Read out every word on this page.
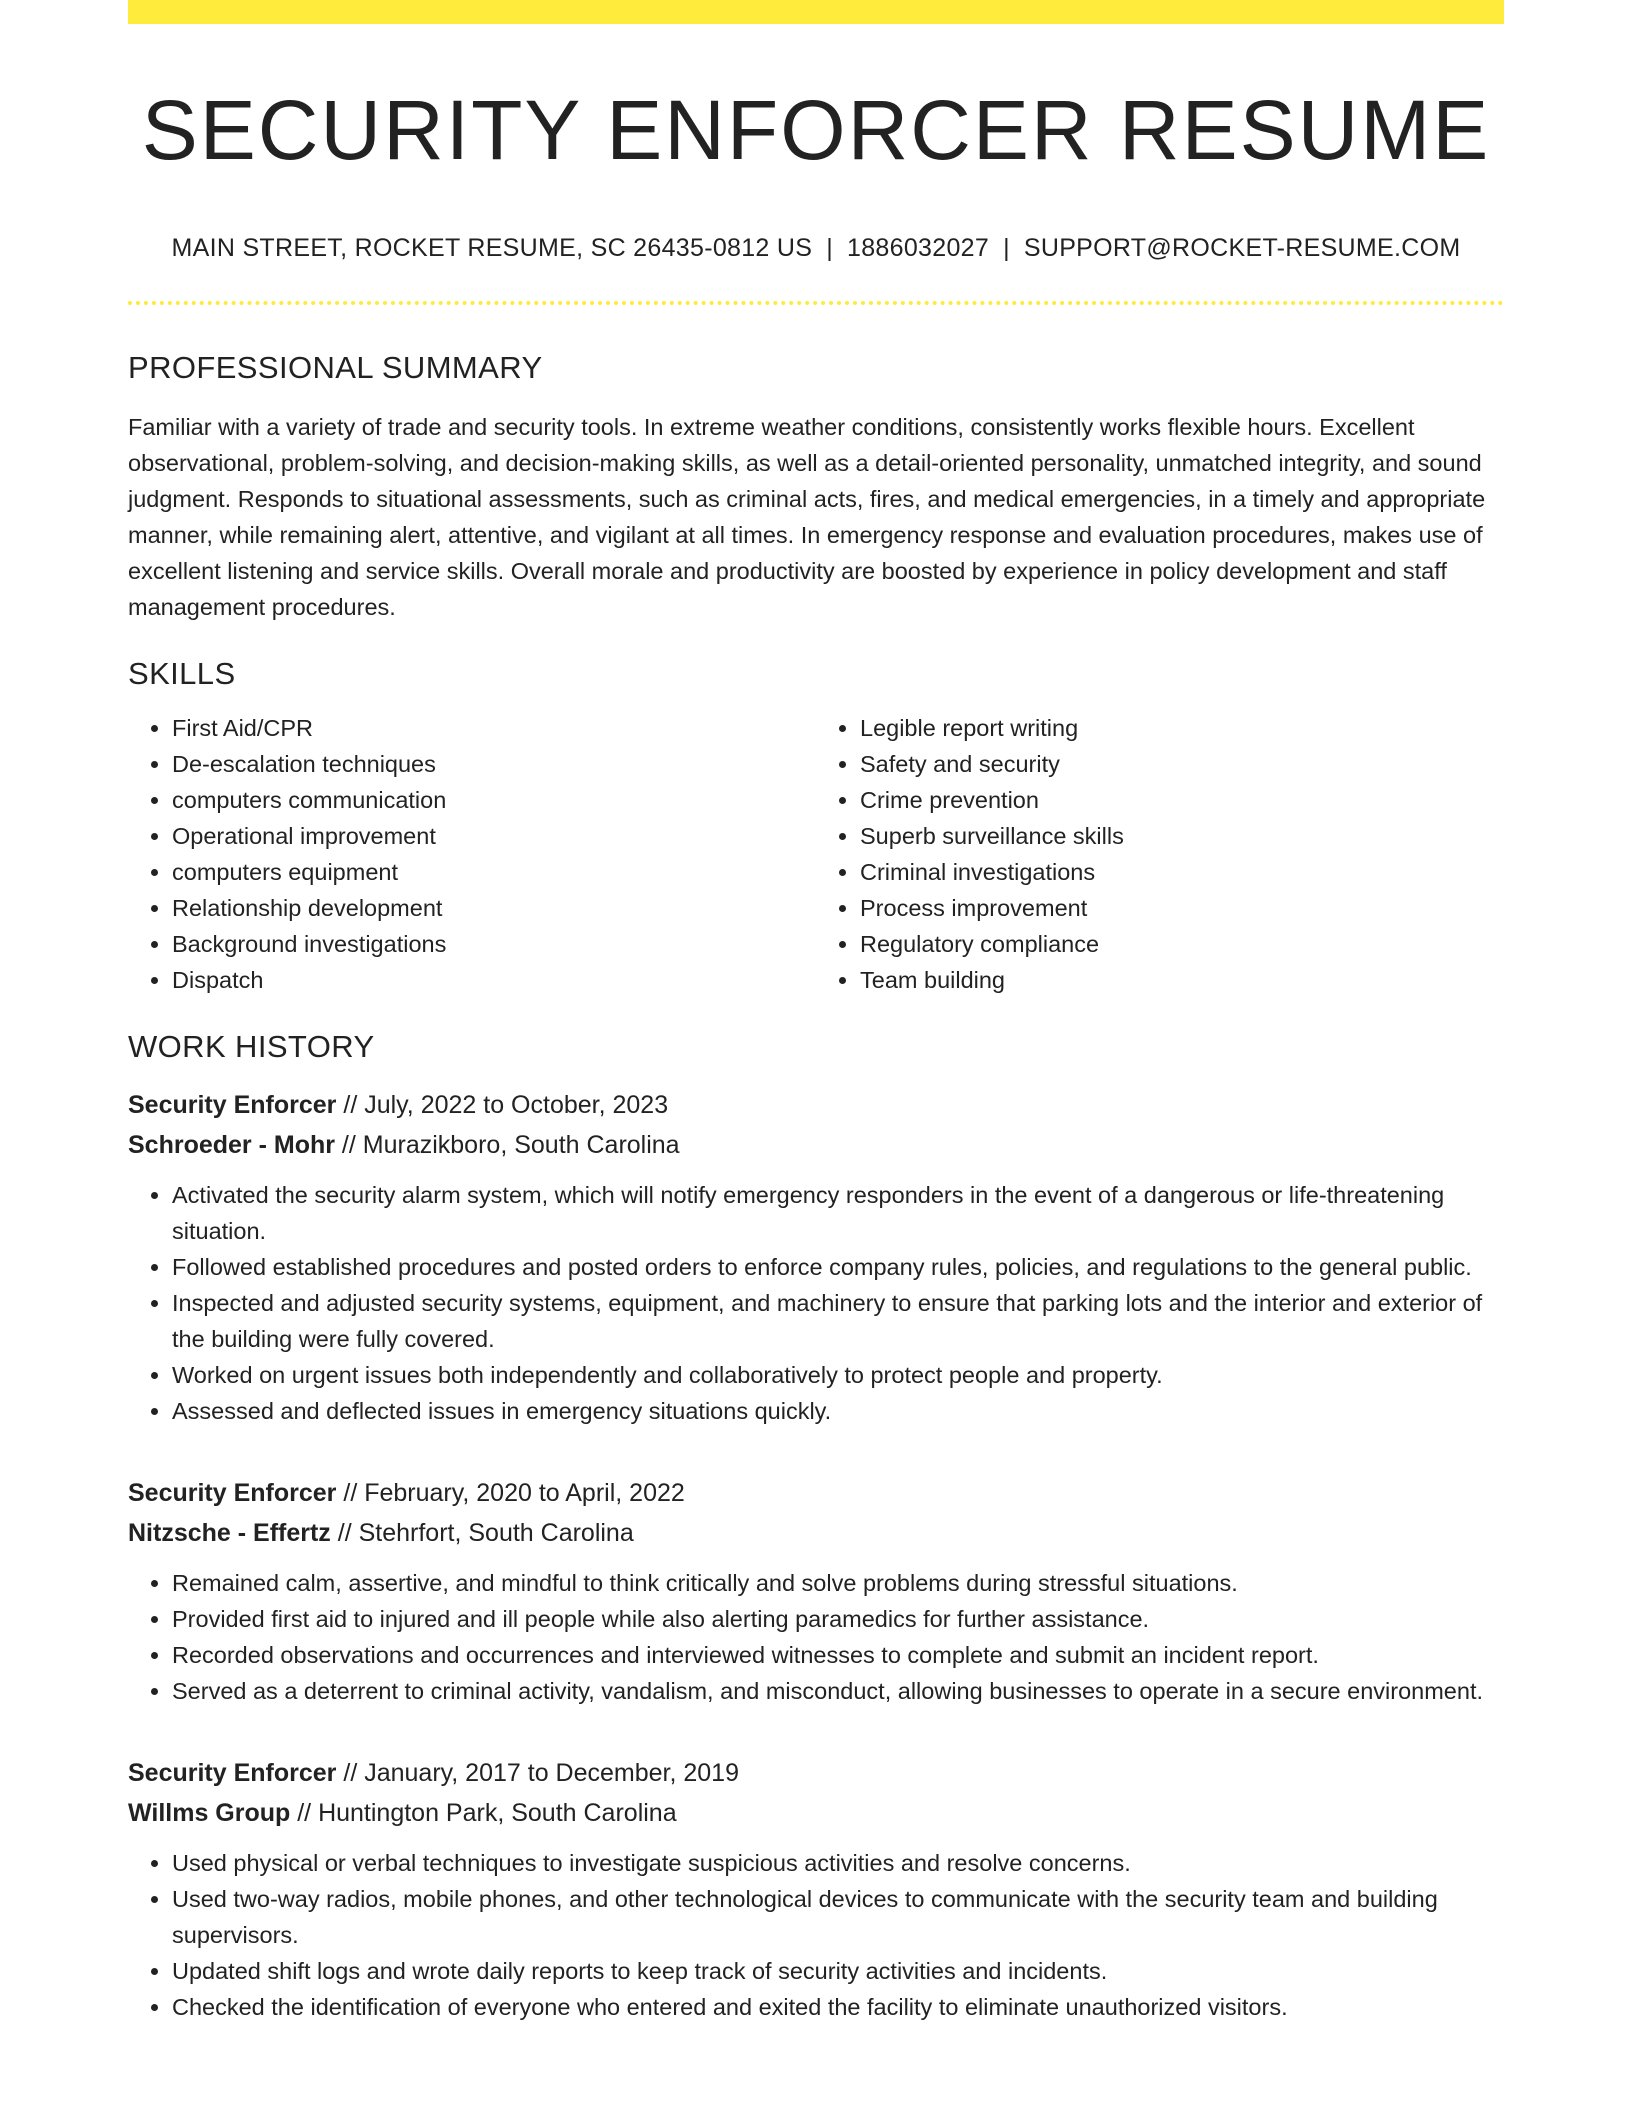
SECURITY ENFORCER RESUME
MAIN STREET, ROCKET RESUME, SC 26435-0812 US | 1886032027 | SUPPORT@ROCKET-RESUME.COM
PROFESSIONAL SUMMARY

Familiar with a variety of trade and security tools. In extreme weather conditions, consistently works flexible hours. Excellent observational, problem-solving, and decision-making skills, as well as a detail-oriented personality, unmatched integrity, and sound judgment. Responds to situational assessments, such as criminal acts, fires, and medical emergencies, in a timely and appropriate manner, while remaining alert, attentive, and vigilant at all times. In emergency response and evaluation procedures, makes use of excellent listening and service skills. Overall morale and productivity are boosted by experience in policy development and staff management procedures.

SKILLS
• First Aid/CPR
• De-escalation techniques
• computers communication
• Operational improvement
• computers equipment
• Relationship development
• Background investigations
• Dispatch
• Legible report writing
• Safety and security
• Crime prevention
• Superb surveillance skills
• Criminal investigations
• Process improvement
• Regulatory compliance
• Team building
WORK HISTORY
Security Enforcer // July, 2022 to October, 2023
Schroeder - Mohr // Murazikboro, South Carolina
• Activated the security alarm system, which will notify emergency responders in the event of a dangerous or life-threatening situation.
• Followed established procedures and posted orders to enforce company rules, policies, and regulations to the general public.
• Inspected and adjusted security systems, equipment, and machinery to ensure that parking lots and the interior and exterior of the building were fully covered.
• Worked on urgent issues both independently and collaboratively to protect people and property.
• Assessed and deflected issues in emergency situations quickly.
Security Enforcer // February, 2020 to April, 2022
Nitzsche - Effertz // Stehrfort, South Carolina
• Remained calm, assertive, and mindful to think critically and solve problems during stressful situations.
• Provided first aid to injured and ill people while also alerting paramedics for further assistance.
• Recorded observations and occurrences and interviewed witnesses to complete and submit an incident report.
• Served as a deterrent to criminal activity, vandalism, and misconduct, allowing businesses to operate in a secure environment.
Security Enforcer // January, 2017 to December, 2019
Willms Group // Huntington Park, South Carolina
• Used physical or verbal techniques to investigate suspicious activities and resolve concerns.
• Used two-way radios, mobile phones, and other technological devices to communicate with the security team and building supervisors.
• Updated shift logs and wrote daily reports to keep track of security activities and incidents.
• Checked the identification of everyone who entered and exited the facility to eliminate unauthorized visitors.
